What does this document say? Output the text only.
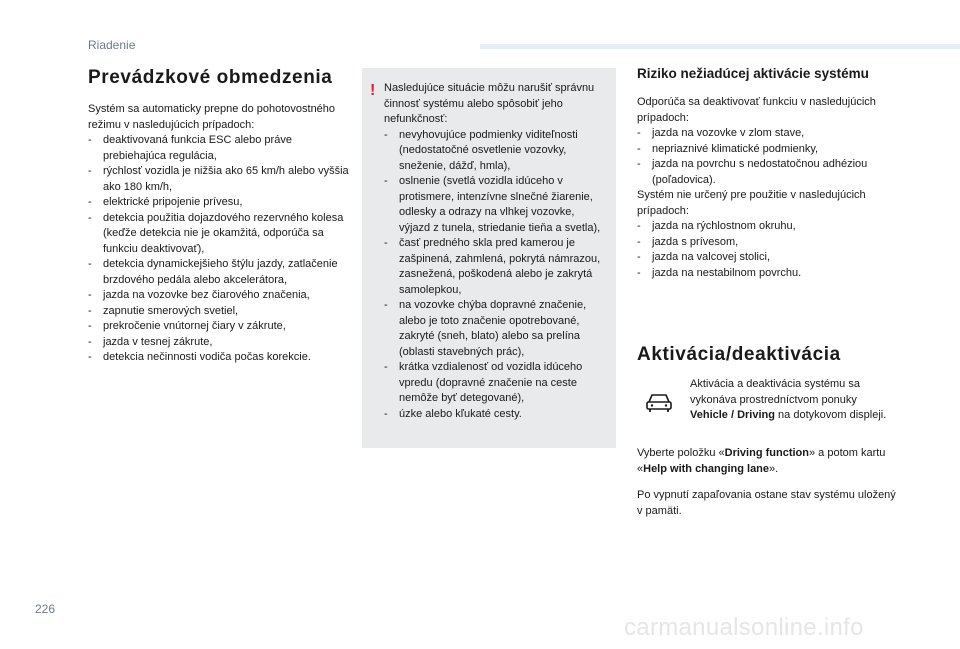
Riadenie
Prevádzkové obmedzenia

Systém sa automaticky prepne do pohotovostného režimu v nasledujúcich prípadoch:

- deaktivovaná funkcia ESC alebo práve prebiehajúca regulácia,
- rýchlosť vozidla je nižšia ako 65 km/h alebo vyššia ako 180 km/h,
- elektrické pripojenie prívesu,
- detekcia použitia dojazdového rezervného kolesa (keďže detekcia nie je okamžitá, odporúča sa funkciu deaktivovať),
- detekcia dynamickejšieho štýlu jazdy, zatlačenie brzdového pedála alebo akcelerátora,
- jazda na vozovke bez čiarového značenia,
- zapnutie smerových svetiel,
- prekročenie vnútornej čiary v zákrute,
- jazda v tesnej zákrute,
- detekcia nečinnosti vodiča počas korekcie.
! Nasledujúce situácie môžu narušiť správnu činnosť systému alebo spôsobiť jeho nefunkčnosť:

- nevyhovujúce podmienky viditeľnosti (nedostatočné osvetlenie vozovky, sneženie, dážď, hmla),
- oslnenie (svetlá vozidla idúceho v protismere, intenzívne slnečné žiarenie, odlesky a odrazy na vlhkej vozovke, výjazd z tunela, striedanie tieňa a svetla),
- časť predného skla pred kamerou je zašpinená, zahmlená, pokrytá námrazou, zasnežená, poškodená alebo je zakrytá samolepkou,
- na vozovke chýba dopravné značenie, alebo je toto značenie opotrebované, zakryté (sneh, blato) alebo sa prelína (oblasti stavebných prác),
- krátka vzdialenosť od vozidla idúceho vpredu (dopravné značenie na ceste nemôže byť detegované),
- úzke alebo kľukaté cesty.
Riziko nežiadúcej aktivácie systému

Odporúča sa deaktivovať funkciu v nasledujúcich prípadoch:

- jazda na vozovke v zlom stave,
- nepriaznivé klimatické podmienky,
- jazda na povrchu s nedostatočnou adhéziou (poľadovica).

Systém nie určený pre použitie v nasledujúcich prípadoch:

- jazda na rýchlostnom okruhu,
- jazda s prívesom,
- jazda na valcovej stolici,
- jazda na nestabilnom povrchu.
Aktivácia/deaktivácia

Aktivácia a deaktivácia systému sa vykonáva prostredníctvom ponuky Vehicle / Driving na dotykovom displeji.

Vyberte položku «Driving function» a potom kartu «Help with changing lane».

Po vypnutí zapaľovania ostane stav systému uložený v pamäti.

226
carmanualsonline.info
